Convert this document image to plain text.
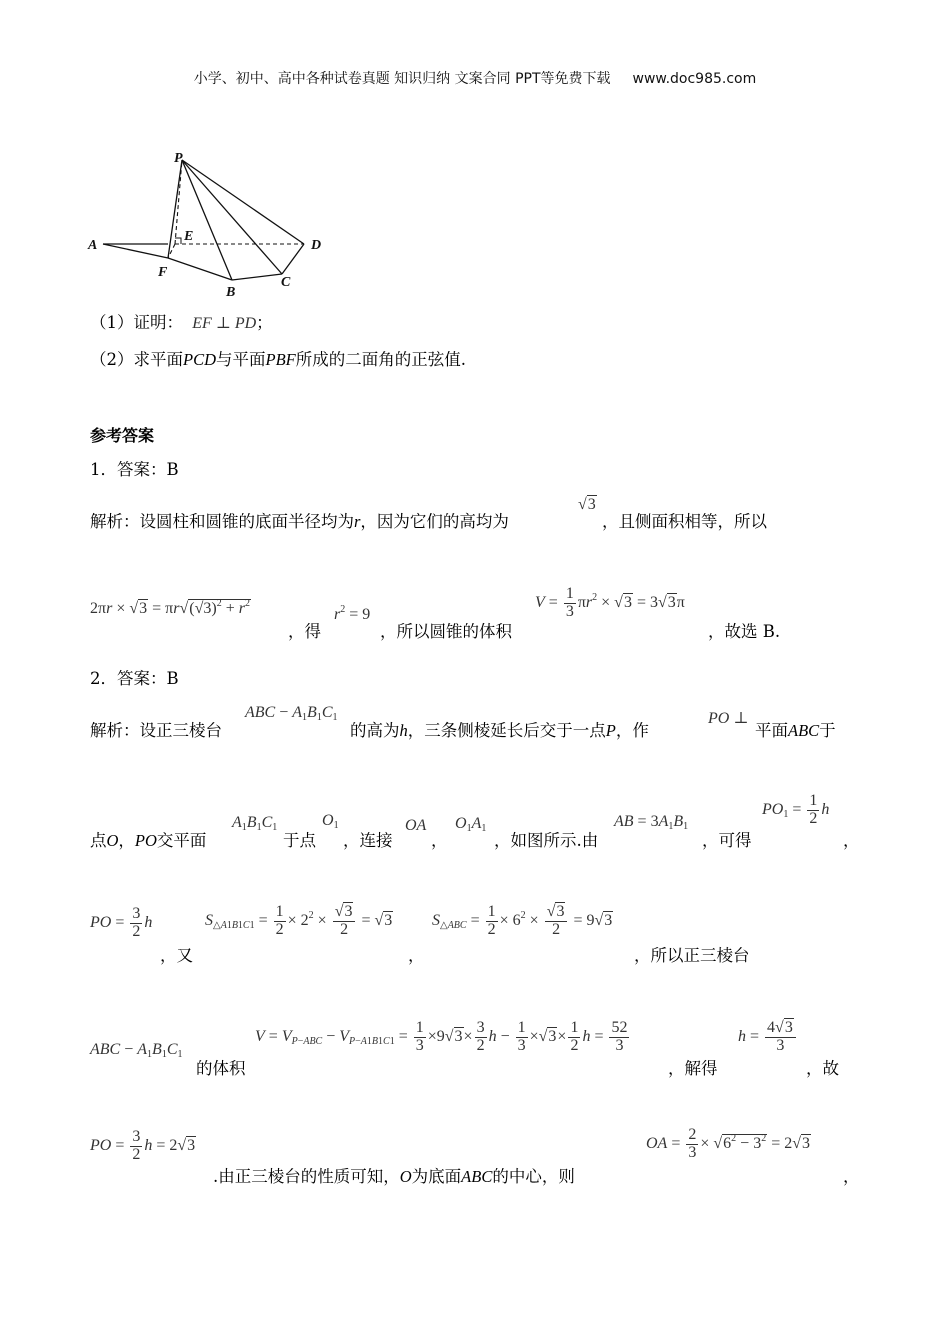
小学、初中、高中各种试卷真题 知识归纳 文案合同 PPT等免费下载 www.doc985.com
P
E
A	D
F
C
B
（1）证明： EF ⊥ PD；
（2）求平面PCD与平面PBF所成的二面角的正弦值.
参考答案
1．答案：B
解析：设圆柱和圆锥的底面半径均为r，因为它们的高均为
√3
，且侧面积相等，所以
$2\pi r \times √3 = \pi r√(√3)^2 + r^2$
，得
$r^2 = 9$
，所以圆锥的体积
$V = \frac{1}{3} \pi r^2 \times √3 = 3√3\pi$
，故选 B.
2．答案：B
解析：设正三棱台
ABC − $A_1B_1C_1$
的高为h，三条侧棱延长后交于一点P，作
PO ⊥
平面ABC于
点O，PO交平面
$A_1B_1C_1$
于点
$O_1$
，连接
OA
，
$O_1A_1$
，如图所示.由
AB = $3A_1B_1$
，可得
$PO_1 = \frac{1}{2}$ h
，
PO = $\frac{3}{2}$ h
，又
$S_{\triangle A1B1C1} = \frac{1}{2} \times 2^2 \times \frac{√3}{2} = √3$
，
$S_{\triangle ABC} = \frac{1}{2} \times 6^2 \times \frac{√3}{2} = 9√3$
，所以正三棱台
ABC − $A_1B_1C_1$
的体积
$V = V_{P-ABC} - V_{P-A1B1C1} = \frac{1}{3} \times 9√3\times \frac{3}{2}$ $h - \frac{1}{3} \times√3\times \frac{1}{2}$ $h = \frac{52}{3}$
，解得
$h = \frac{4√3}{3}$
，故
PO = $\frac{3}{2}$ h = 2√3
.由正三棱台的性质可知，O为底面ABC的中心，则
OA = $\frac{2}{3} \times √6^2 - 3^2 = 2√3$
，
